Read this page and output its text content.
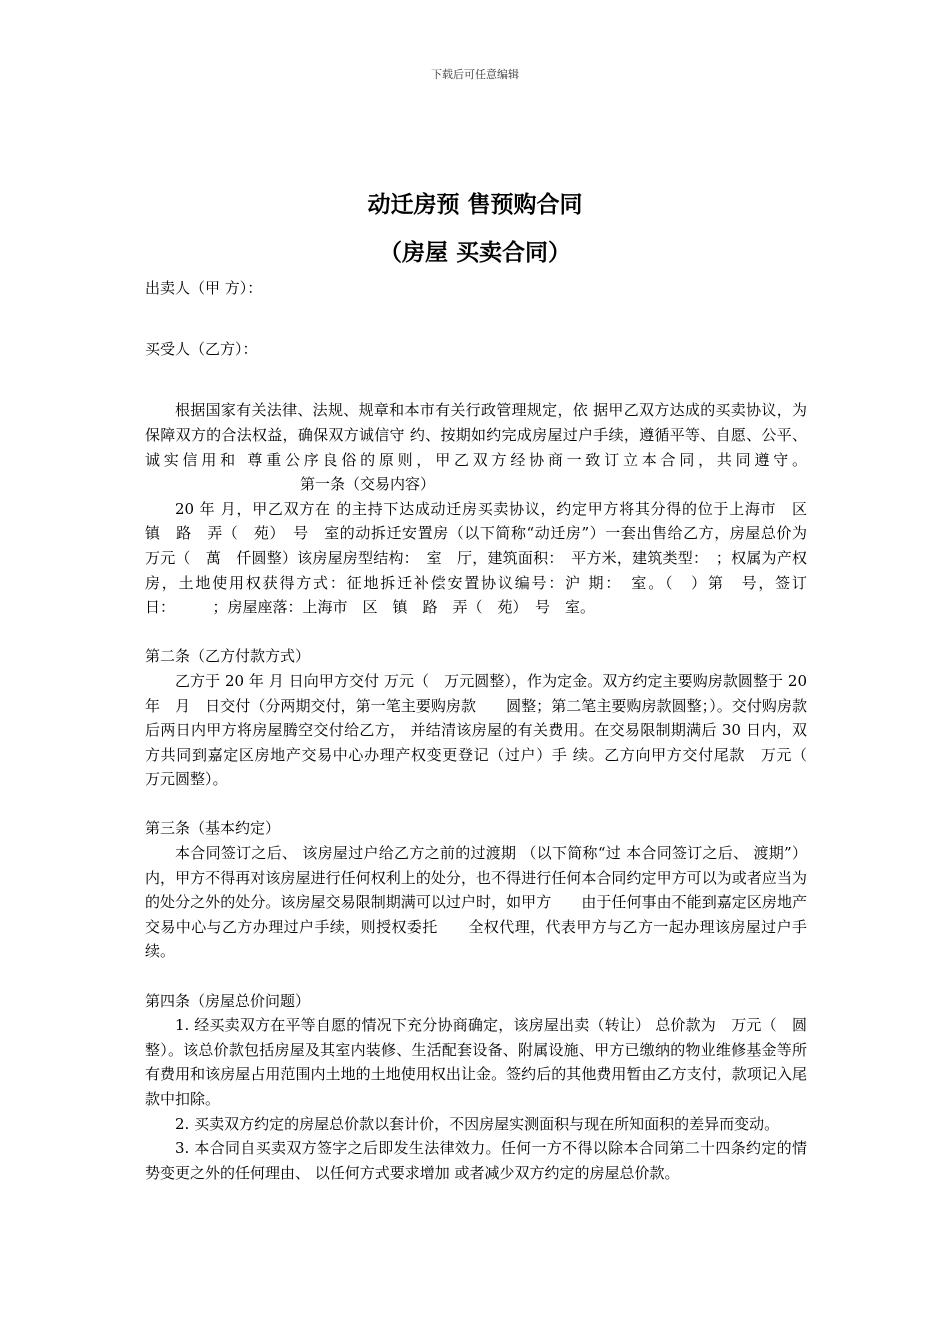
下载后可任意编辑
动迁房预 售预购合同
（房屋 买卖合同）

出卖人（甲 方）：

买受人（乙方）：

根据国家有关法律、法规、规章和本市有关行政管理规定，依 据甲乙双方达成的买卖协议，为保障双方的合法权益，确保双方诚信守 约、按期如约完成房屋过户手续，遵循平等、自愿、公平、诚实信用和 尊重公序良俗的原则，甲乙双方经协商一致订立本合同，共同遵守。第一条（交易内容）

20 年 月，甲乙双方在 的主持下达成动迁房买卖协议，约定甲方将其分得的位于上海市　区　镇　路　弄（　苑）　号　室的动拆迁安置房（以下简称“动迁房”）一套出售给乙方，房屋总价为　万元（　萬　仟圆整）该房屋房型结构：　室　厅，建筑面积：　平方米，建筑类型：　；权属为产权房，土地使用权获得方式：征地拆迁补偿安置协议编号：沪 期：　室。（　）第　号，签订日：　　　；房屋座落：上海市　区　镇　路　弄（　苑）　号　室。

第二条（乙方付款方式）

乙方于 20 年 月 日向甲方交付 万元（　万元圆整），作为定金。双方约定主要购房款圆整于 20 年　月　日交付（分两期交付，第一笔主要购房款　　圆整；第二笔主要购房款圆整；）。交付购房款后两日内甲方将房屋腾空交付给乙方， 并结清该房屋的有关费用。在交易限制期满后 30 日内，双方共同到嘉定区房地产交易中心办理产权变更登记（过户）手 续。乙方向甲方交付尾款　万元（　　万元圆整）。

第三条（基本约定）

本合同签订之后、 该房屋过户给乙方之前的过渡期 （以下简称“过 本合同签订之后、 渡期”）内，甲方不得再对该房屋进行任何权利上的处分，也不得进行任何本合同约定甲方可以为或者应当为的处分之外的处分。该房屋交易限制期满可以过户时，如甲方　　由于任何事由不能到嘉定区房地产交易中心与乙方办理过户手续，则授权委托　　全权代理，代表甲方与乙方一起办理该房屋过户手续。

第四条（房屋总价问题）

1. 经买卖双方在平等自愿的情况下充分协商确定，该房屋出卖（转让） 总价款为　万元（　圆整）。该总价款包括房屋及其室内装修、生活配套设备、附属设施、甲方已缴纳的物业维修基金等所有费用和该房屋占用范围内土地的土地使用权出让金。签约后的其他费用暂由乙方支付，款项记入尾款中扣除。

2. 买卖双方约定的房屋总价款以套计价，不因房屋实测面积与现在所知面积的差异而变动。

3. 本合同自买卖双方签字之后即发生法律效力。任何一方不得以除本合同第二十四条约定的情势变更之外的任何理由、 以任何方式要求增加 或者减少双方约定的房屋总价款。
